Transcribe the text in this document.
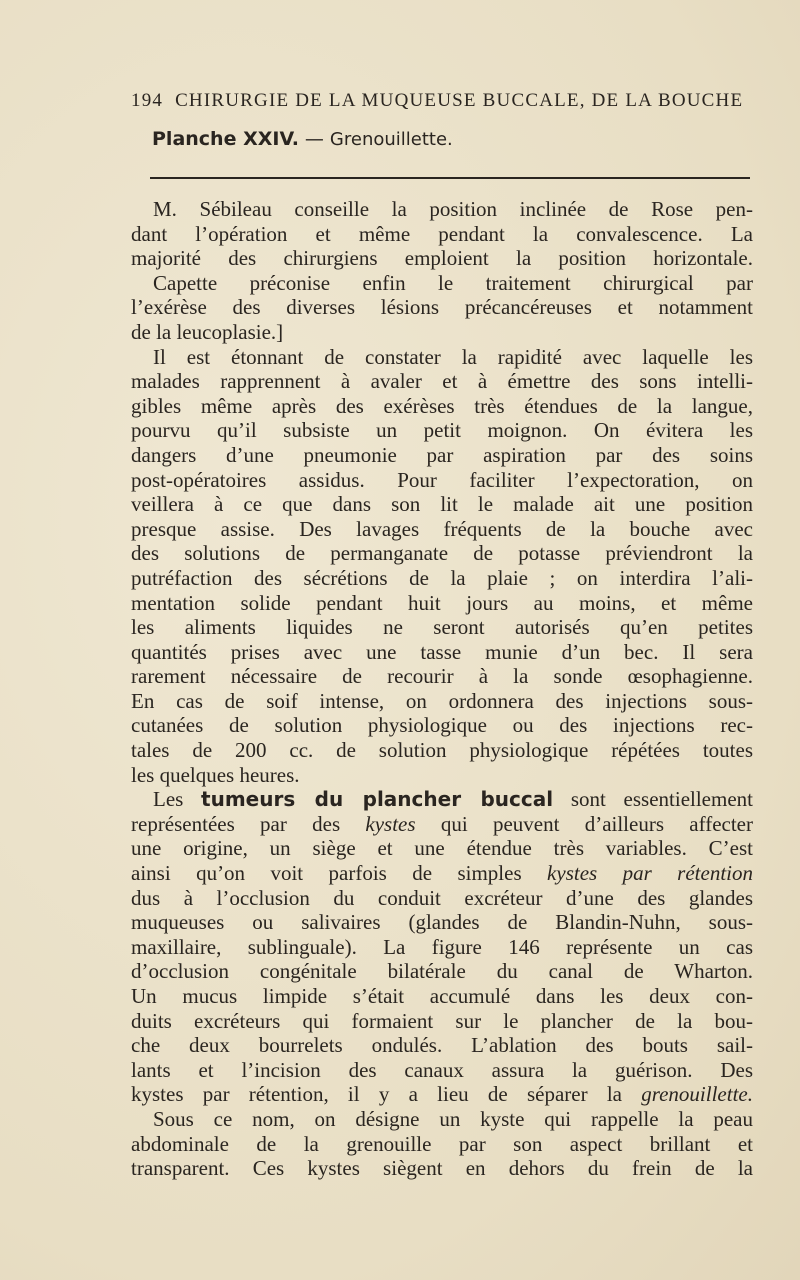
194 CHIRURGIE DE LA MUQUEUSE BUCCALE, DE LA BOUCHE
Planche XXIV. — Grenouillette.
M. Sébileau conseille la position inclinée de Rose pen-
dant l’opération et même pendant la convalescence. La
majorité des chirurgiens emploient la position horizontale.
Capette préconise enfin le traitement chirurgical par
l’exérèse des diverses lésions précancéreuses et notamment
de la leucoplasie.]
Il est étonnant de constater la rapidité avec laquelle les
malades rapprennent à avaler et à émettre des sons intelli-
gibles même après des exérèses très étendues de la langue,
pourvu qu’il subsiste un petit moignon. On évitera les
dangers d’une pneumonie par aspiration par des soins
post-opératoires assidus. Pour faciliter l’expectoration, on
veillera à ce que dans son lit le malade ait une position
presque assise. Des lavages fréquents de la bouche avec
des solutions de permanganate de potasse préviendront la
putréfaction des sécrétions de la plaie ; on interdira l’ali-
mentation solide pendant huit jours au moins, et même
les aliments liquides ne seront autorisés qu’en petites
quantités prises avec une tasse munie d’un bec. Il sera
rarement nécessaire de recourir à la sonde œsophagienne.
En cas de soif intense, on ordonnera des injections sous-
cutanées de solution physiologique ou des injections rec-
tales de 200 cc. de solution physiologique répétées toutes
les quelques heures.
Les tumeurs du plancher buccal sont essentiellement
représentées par des kystes qui peuvent d’ailleurs affecter
une origine, un siège et une étendue très variables. C’est
ainsi qu’on voit parfois de simples kystes par rétention
dus à l’occlusion du conduit excréteur d’une des glandes
muqueuses ou salivaires (glandes de Blandin-Nuhn, sous-
maxillaire, sublinguale). La figure 146 représente un cas
d’occlusion congénitale bilatérale du canal de Wharton.
Un mucus limpide s’était accumulé dans les deux con-
duits excréteurs qui formaient sur le plancher de la bou-
che deux bourrelets ondulés. L’ablation des bouts sail-
lants et l’incision des canaux assura la guérison. Des
kystes par rétention, il y a lieu de séparer la grenouillette.
Sous ce nom, on désigne un kyste qui rappelle la peau
abdominale de la grenouille par son aspect brillant et
transparent. Ces kystes siègent en dehors du frein de la
